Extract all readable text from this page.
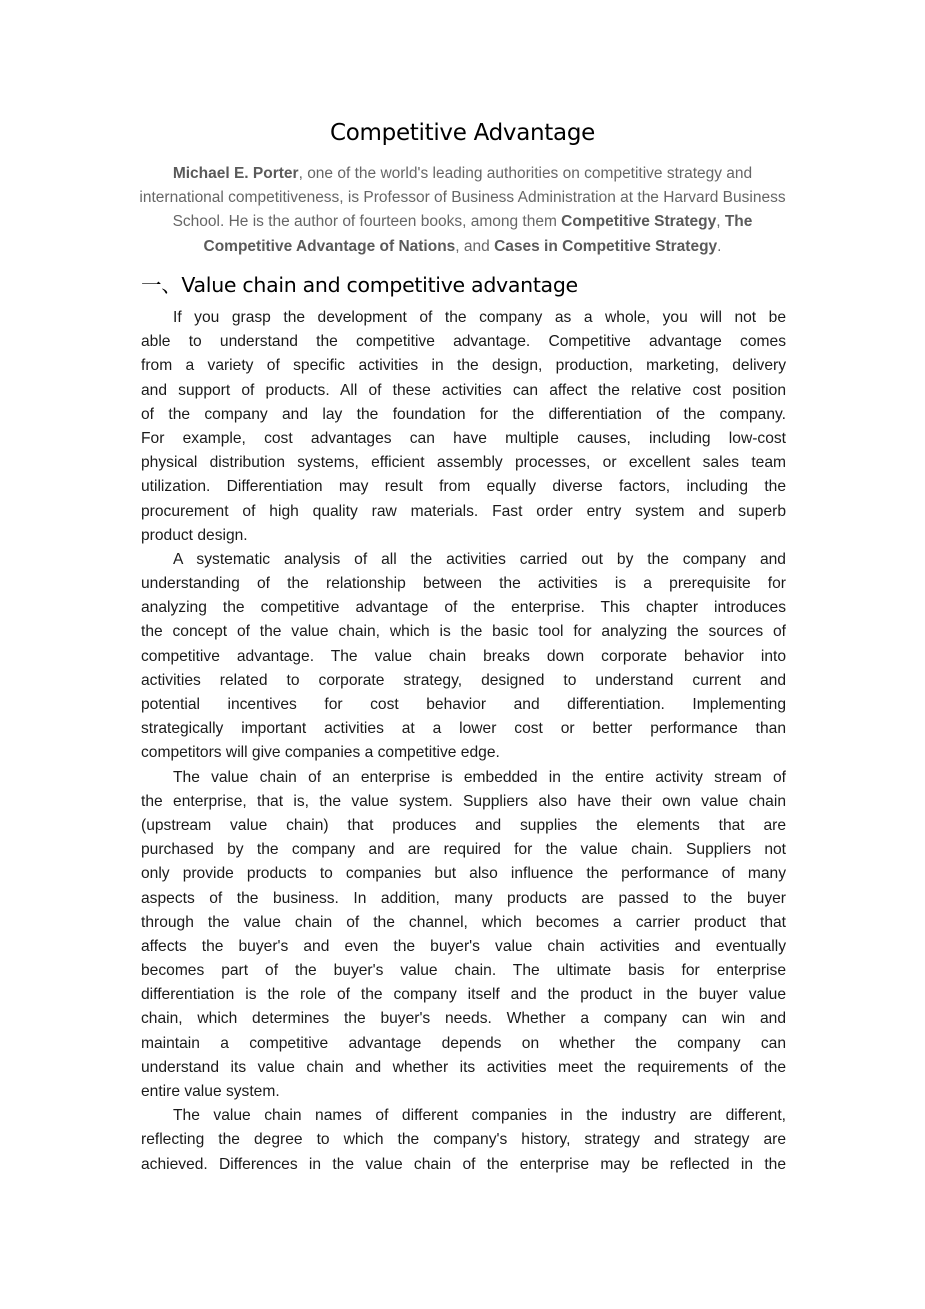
Competitive Advantage
Michael E. Porter, one of the world's leading authorities on competitive strategy and international competitiveness, is Professor of Business Administration at the Harvard Business School. He is the author of fourteen books, among them Competitive Strategy, The Competitive Advantage of Nations, and Cases in Competitive Strategy.
一、Value chain and competitive advantage
If you grasp the development of the company as a whole, you will not be
able to understand the competitive advantage. Competitive advantage comes
from a variety of specific activities in the design, production, marketing, delivery
and support of products. All of these activities can affect the relative cost position
of the company and lay the foundation for the differentiation of the company.
For example, cost advantages can have multiple causes, including low-cost
physical distribution systems, efficient assembly processes, or excellent sales team
utilization. Differentiation may result from equally diverse factors, including the
procurement of high quality raw materials. Fast order entry system and superb
product design.
A systematic analysis of all the activities carried out by the company and
understanding of the relationship between the activities is a prerequisite for
analyzing the competitive advantage of the enterprise. This chapter introduces
the concept of the value chain, which is the basic tool for analyzing the sources of
competitive advantage. The value chain breaks down corporate behavior into
activities related to corporate strategy, designed to understand current and
potential incentives for cost behavior and differentiation. Implementing
strategically important activities at a lower cost or better performance than
competitors will give companies a competitive edge.
The value chain of an enterprise is embedded in the entire activity stream of
the enterprise, that is, the value system. Suppliers also have their own value chain
(upstream value chain) that produces and supplies the elements that are
purchased by the company and are required for the value chain. Suppliers not
only provide products to companies but also influence the performance of many
aspects of the business. In addition, many products are passed to the buyer
through the value chain of the channel, which becomes a carrier product that
affects the buyer's and even the buyer's value chain activities and eventually
becomes part of the buyer's value chain. The ultimate basis for enterprise
differentiation is the role of the company itself and the product in the buyer value
chain, which determines the buyer's needs. Whether a company can win and
maintain a competitive advantage depends on whether the company can
understand its value chain and whether its activities meet the requirements of the
entire value system.
The value chain names of different companies in the industry are different,
reflecting the degree to which the company's history, strategy and strategy are
achieved. Differences in the value chain of the enterprise may be reflected in the
